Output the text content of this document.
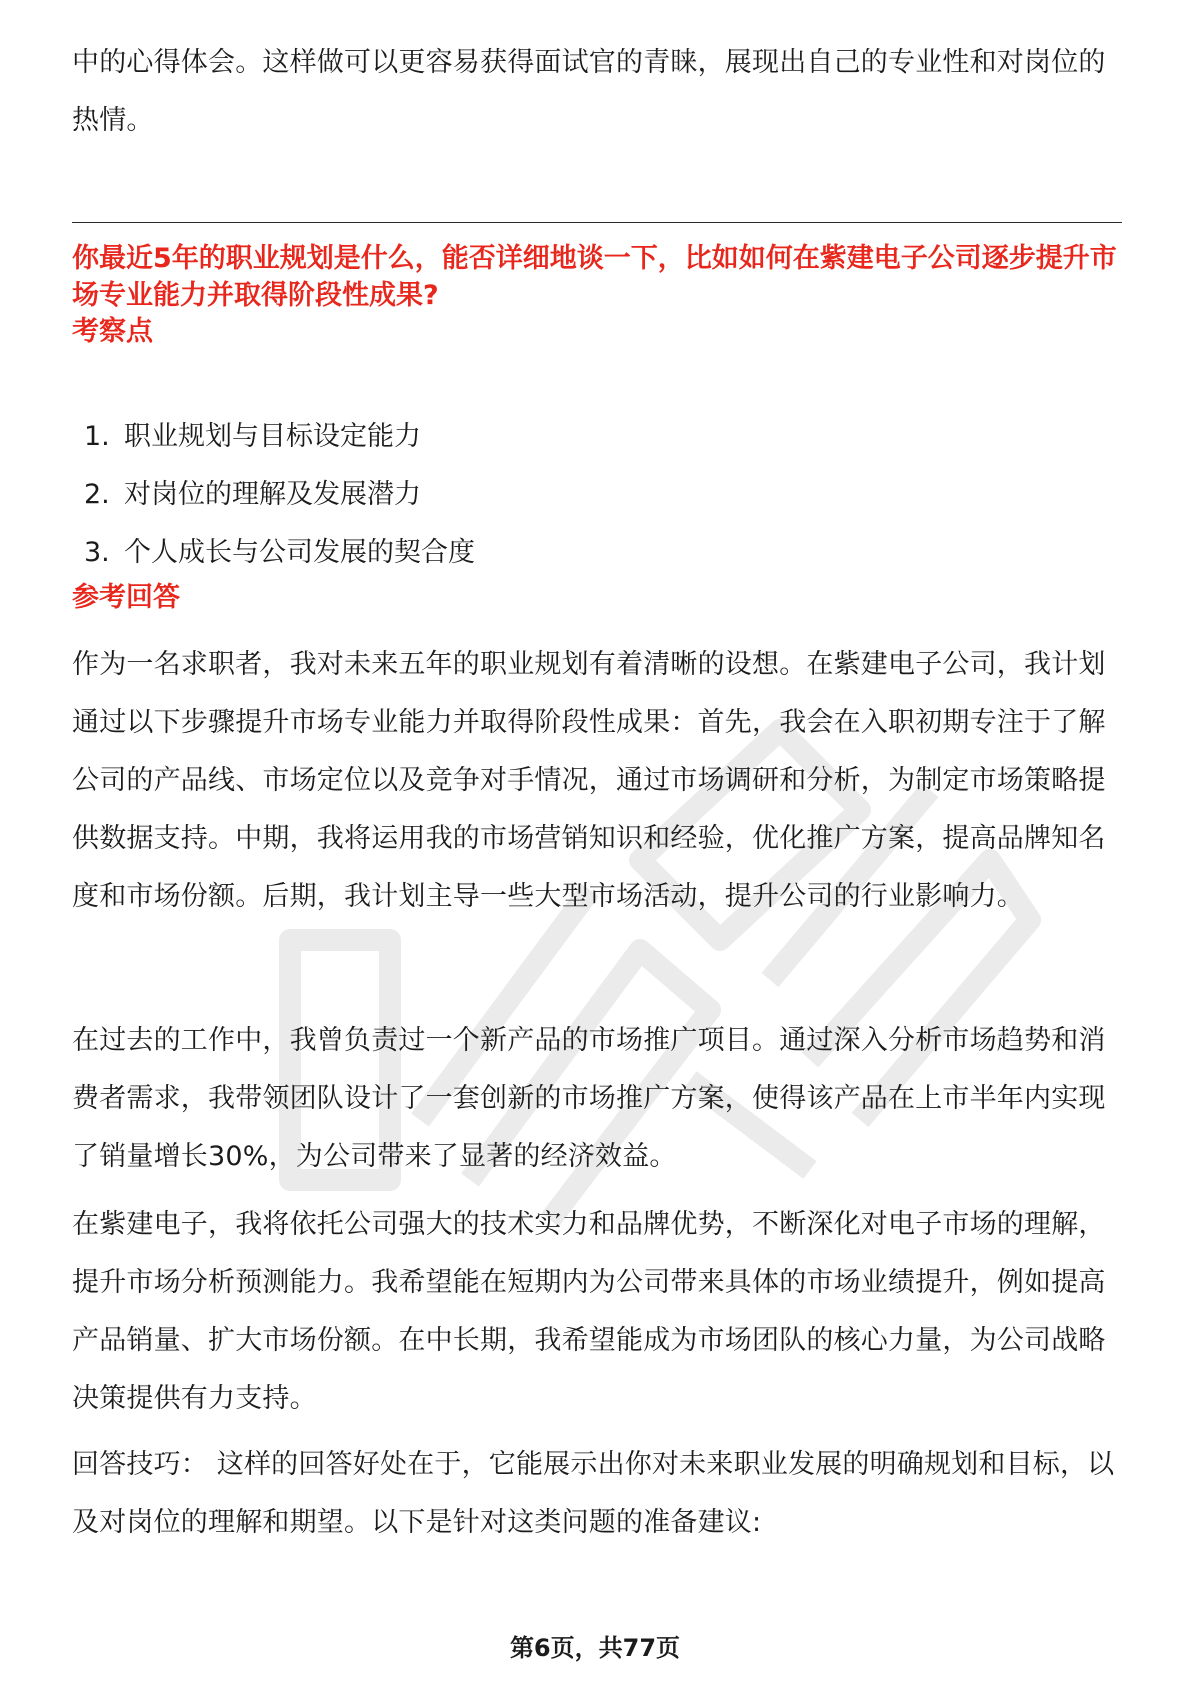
中的心得体会。这样做可以更容易获得面试官的青睐，展现出自己的专业性和对岗位的热情。

你最近5年的职业规划是什么，能否详细地谈一下，比如如何在紫建电子公司逐步提升市场专业能力并取得阶段性成果?

考察点

1. 职业规划与目标设定能力
2. 对岗位的理解及发展潜力
3. 个人成长与公司发展的契合度

参考回答

作为一名求职者，我对未来五年的职业规划有着清晰的设想。在紫建电子公司，我计划通过以下步骤提升市场专业能力并取得阶段性成果：首先，我会在入职初期专注于了解公司的产品线、市场定位以及竞争对手情况，通过市场调研和分析，为制定市场策略提供数据支持。中期，我将运用我的市场营销知识和经验，优化推广方案，提高品牌知名度和市场份额。后期，我计划主导一些大型市场活动，提升公司的行业影响力。

在过去的工作中，我曾负责过一个新产品的市场推广项目。通过深入分析市场趋势和消费者需求，我带领团队设计了一套创新的市场推广方案，使得该产品在上市半年内实现了销量增长30%，为公司带来了显著的经济效益。

在紫建电子，我将依托公司强大的技术实力和品牌优势，不断深化对电子市场的理解，提升市场分析预测能力。我希望能在短期内为公司带来具体的市场业绩提升，例如提高产品销量、扩大市场份额。在中长期，我希望能成为市场团队的核心力量，为公司战略决策提供有力支持。

回答技巧： 这样的回答好处在于，它能展示出你对未来职业发展的明确规划和目标，以及对岗位的理解和期望。以下是针对这类问题的准备建议:

第6页，共77页
